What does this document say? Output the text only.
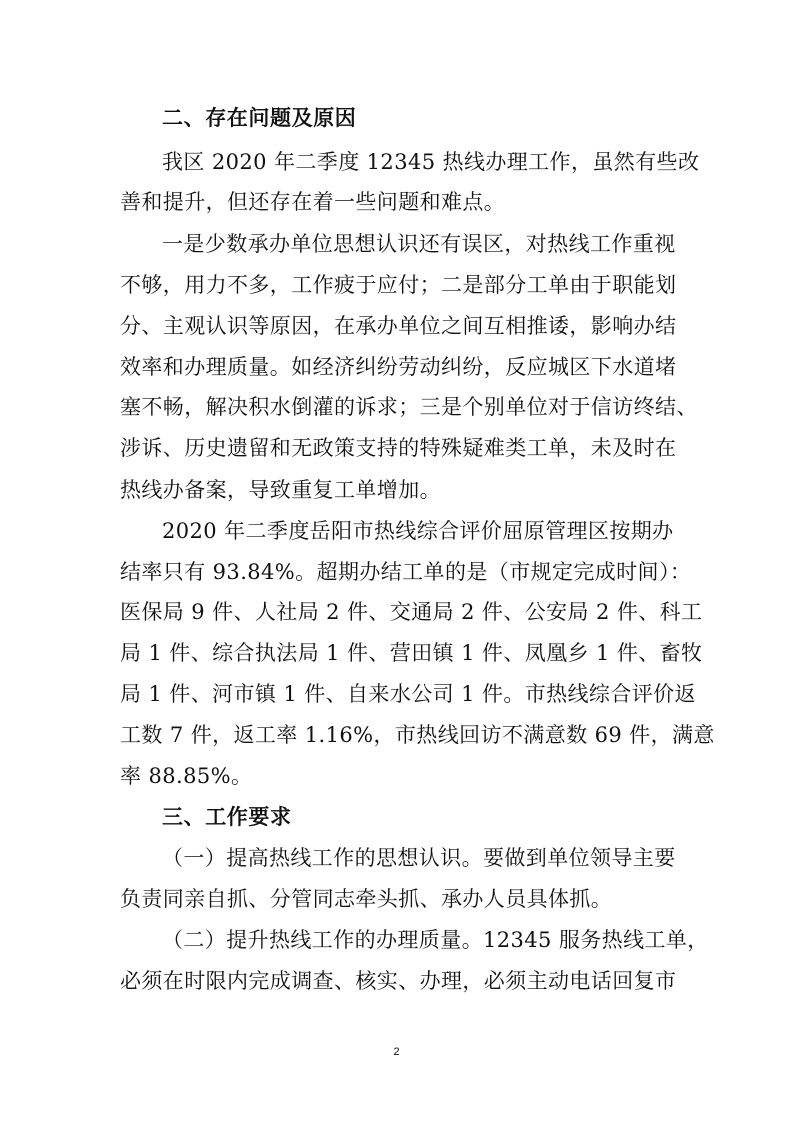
二、存在问题及原因
我区 2020 年二季度 12345 热线办理工作，虽然有些改
善和提升，但还存在着一些问题和难点。
一是少数承办单位思想认识还有误区，对热线工作重视
不够，用力不多，工作疲于应付；二是部分工单由于职能划
分、主观认识等原因，在承办单位之间互相推诿，影响办结
效率和办理质量。如经济纠纷劳动纠纷，反应城区下水道堵
塞不畅，解决积水倒灌的诉求；三是个别单位对于信访终结、
涉诉、历史遗留和无政策支持的特殊疑难类工单，未及时在
热线办备案，导致重复工单增加。
2020 年二季度岳阳市热线综合评价屈原管理区按期办
结率只有 93.84%。超期办结工单的是（市规定完成时间）：
医保局 9 件、人社局 2 件、交通局 2 件、公安局 2 件、科工
局 1 件、综合执法局 1 件、营田镇 1 件、凤凰乡 1 件、畜牧
局 1 件、河市镇 1 件、自来水公司 1 件。市热线综合评价返
工数 7 件，返工率 1.16%，市热线回访不满意数 69 件，满意
率 88.85%。
三、工作要求
（一）提高热线工作的思想认识。要做到单位领导主要
负责同亲自抓、分管同志牵头抓、承办人员具体抓。
（二）提升热线工作的办理质量。12345 服务热线工单，
必须在时限内完成调查、核实、办理，必须主动电话回复市
2
